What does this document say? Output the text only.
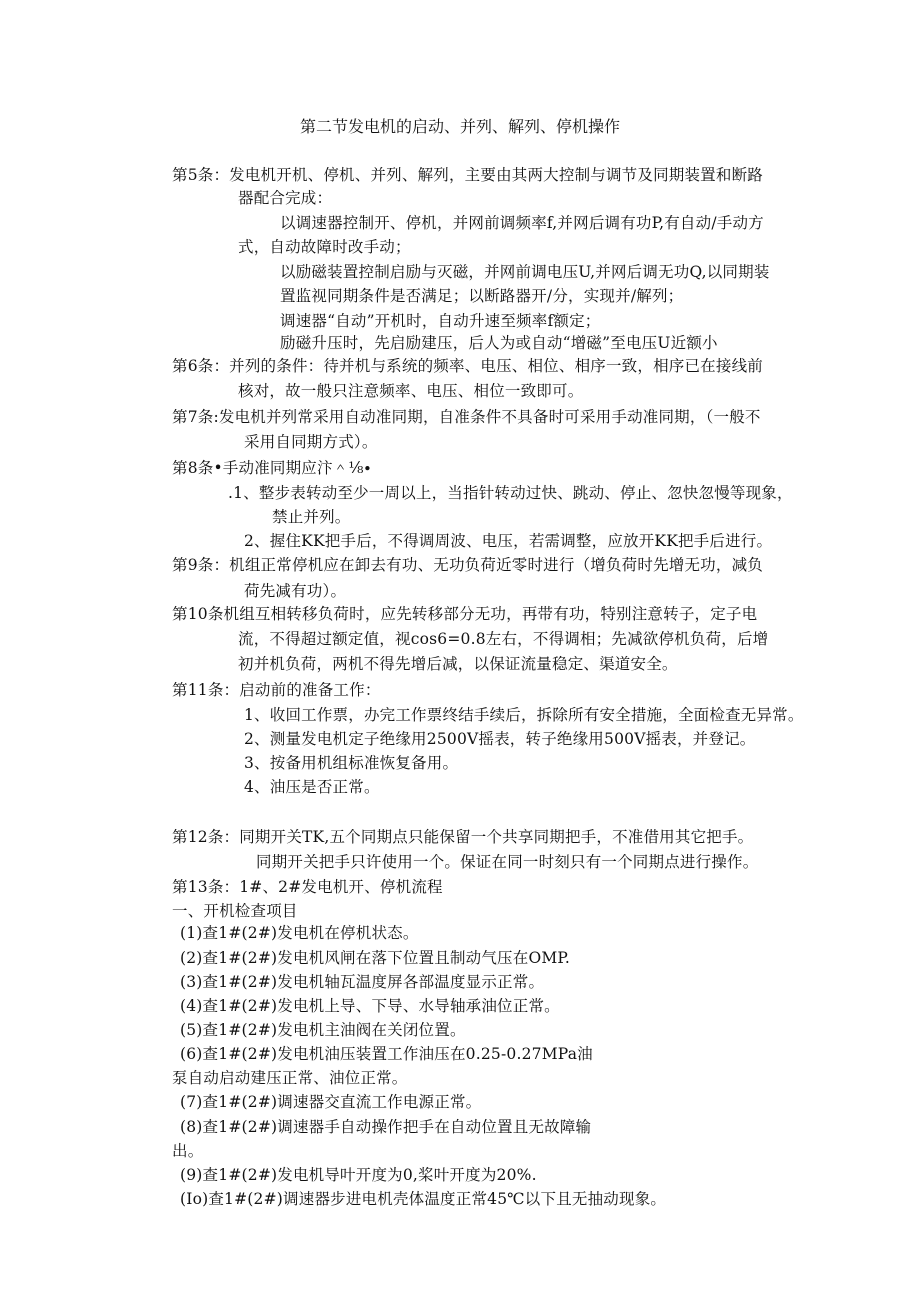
第二节发电机的启动、并列、解列、停机操作
第5条：发电机开机、停机、并列、解列，主要由其两大控制与调节及同期装置和断路
器配合完成：
以调速器控制开、停机，并网前调频率f,并网后调有功P,有自动/手动方
式，自动故障时改手动；
以励磁装置控制启励与灭磁，并网前调电压U,并网后调无功Q,以同期装
置监视同期条件是否满足；以断路器开/分，实现并/解列；
调速器“自动”开机时，自动升速至频率f额定；
励磁升压时，先启励建压，后人为或自动“增磁”至电压U近额小
第6条：并列的条件：待并机与系统的频率、电压、相位、相序一致，相序已在接线前
核对，故一般只注意频率、电压、相位一致即可。
第7条:发电机并列常采用自动准同期，自准条件不具备时可采用手动准同期，（一般不
采用自同期方式）。
第8条•手动准同期应汴＾⅛∙
.1、整步表转动至少一周以上，当指针转动过快、跳动、停止、忽快忽慢等现象，
禁止并列。
2、握住KK把手后，不得调周波、电压，若需调整，应放开KK把手后进行。
第9条：机组正常停机应在卸去有功、无功负荷近零时进行（增负荷时先增无功，减负
荷先减有功）。
第10条机组互相转移负荷时，应先转移部分无功，再带有功，特别注意转子，定子电
流，不得超过额定值，视cos6=0.8左右，不得调相；先减欲停机负荷，后增
初并机负荷，两机不得先增后减，以保证流量稳定、渠道安全。
第11条：启动前的准备工作：
1、收回工作票，办完工作票终结手续后，拆除所有安全措施，全面检查无异常。
2、测量发电机定子绝缘用2500V摇表，转子绝缘用500V摇表，并登记。
3、按备用机组标准恢复备用。
4、油压是否正常。
第12条：同期开关TK,五个同期点只能保留一个共享同期把手，不准借用其它把手。
同期开关把手只许使用一个。保证在同一时刻只有一个同期点进行操作。
第13条：1#、2#发电机开、停机流程
一、开机检查项目
(1)查1#(2#)发电机在停机状态。
(2)查1#(2#)发电机风闸在落下位置且制动气压在OMP.
(3)查1#(2#)发电机轴瓦温度屏各部温度显示正常。
(4)查1#(2#)发电机上导、下导、水导轴承油位正常。
(5)查1#(2#)发电机主油阀在关闭位置。
(6)查1#(2#)发电机油压装置工作油压在0.25-0.27MPa油
泵自动启动建压正常、油位正常。
(7)查1#(2#)调速器交直流工作电源正常。
(8)查1#(2#)调速器手自动操作把手在自动位置且无故障输
出。
(9)查1#(2#)发电机导叶开度为0,桨叶开度为20%.
(Io)查1#(2#)调速器步进电机壳体温度正常45℃以下且无抽动现象。
